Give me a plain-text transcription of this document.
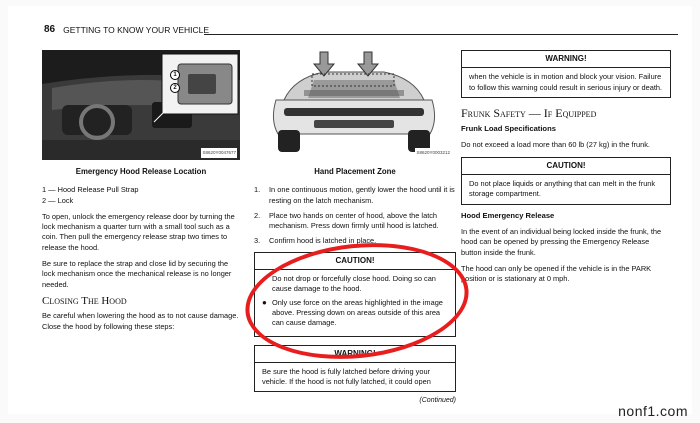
86 GETTING TO KNOW YOUR VEHICLE
1
2
S8620Y0047677
Emergency Hood Release Location
1 — Hood Release Pull Strap
2 — Lock
To open, unlock the emergency release door by turning the lock mechanism a quarter turn with a small tool such as a coin. Then pull the emergency release strap two times to release the hood.
Be sure to replace the strap and close lid by securing the lock mechanism once the mechanical release is no longer needed.
Closing The Hood
Be careful when lowering the hood as to not cause damage. Close the hood by following these steps:
S8620Y0003212
Hand Placement Zone
1.	In one continuous motion, gently lower the hood until it is resting on the latch mechanism.
2.	Place two hands on center of hood, above the latch mechanism. Press down firmly until hood is latched.
3.	Confirm hood is latched in place.
CAUTION!
● Do not drop or forcefully close hood. Doing so can cause damage to the hood.
● Only use force on the areas highlighted in the image above. Pressing down on areas outside of this area can cause damage.
WARNING!
Be sure the hood is fully latched before driving your vehicle. If the hood is not fully latched, it could open
(Continued)
WARNING!
when the vehicle is in motion and block your vision. Failure to follow this warning could result in serious injury or death.
Frunk Safety — If Equipped
Frunk Load Specifications
Do not exceed a load more than 60 lb (27 kg) in the frunk.
CAUTION!
Do not place liquids or anything that can melt in the frunk storage compartment.
Hood Emergency Release
In the event of an individual being locked inside the frunk, the hood can be opened by pressing the Emergency Release button inside the frunk.
The hood can only be opened if the vehicle is in the PARK position or is stationary at 0 mph.
nonf1.com
